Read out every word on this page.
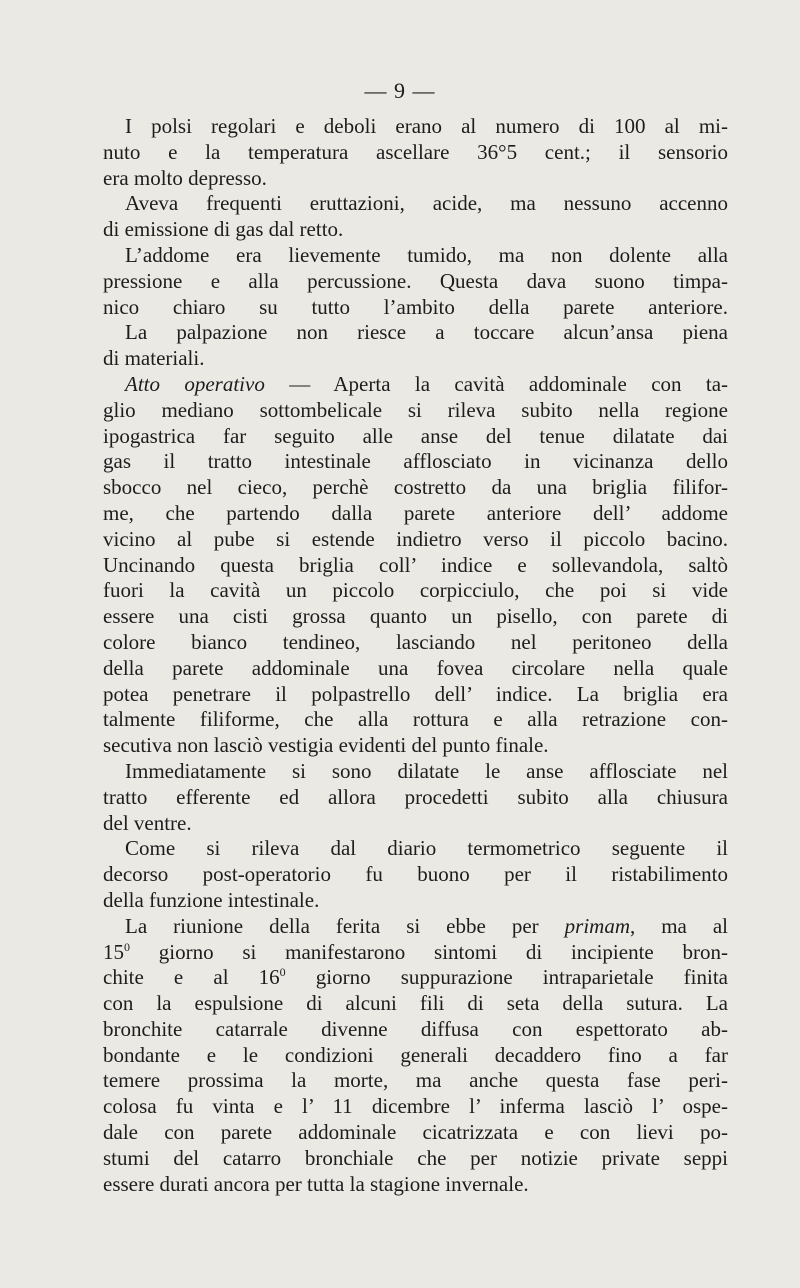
— 9 —
I polsi regolari e deboli erano al numero di 100 al mi-
nuto e la temperatura ascellare 36°5 cent.; il sensorio
era molto depresso.
Aveva frequenti eruttazioni, acide, ma nessuno accenno
di emissione di gas dal retto.
L’addome era lievemente tumido, ma non dolente alla
pressione e alla percussione. Questa dava suono timpa-
nico chiaro su tutto l’ambito della parete anteriore.
La palpazione non riesce a toccare alcun’ansa piena
di materiali.
Atto operativo — Aperta la cavità addominale con ta-
glio mediano sottombelicale si rileva subito nella regione
ipogastrica far seguito alle anse del tenue dilatate dai
gas il tratto intestinale afflosciato in vicinanza dello
sbocco nel cieco, perchè costretto da una briglia filifor-
me, che partendo dalla parete anteriore dell’ addome
vicino al pube si estende indietro verso il piccolo bacino.
Uncinando questa briglia coll’ indice e sollevandola, saltò
fuori la cavità un piccolo corpicciulo, che poi si vide
essere una cisti grossa quanto un pisello, con parete di
colore bianco tendineo, lasciando nel peritoneo della
della parete addominale una fovea circolare nella quale
potea penetrare il polpastrello dell’ indice. La briglia era
talmente filiforme, che alla rottura e alla retrazione con-
secutiva non lasciò vestigia evidenti del punto finale.
Immediatamente si sono dilatate le anse afflosciate nel
tratto efferente ed allora procedetti subito alla chiusura
del ventre.
Come si rileva dal diario termometrico seguente il
decorso post-operatorio fu buono per il ristabilimento
della funzione intestinale.
La riunione della ferita si ebbe per primam, ma al
$15^0$ giorno si manifestarono sintomi di incipiente bron-
chite e al $16^0$ giorno suppurazione intraparietale finita
con la espulsione di alcuni fili di seta della sutura. La
bronchite catarrale divenne diffusa con espettorato ab-
bondante e le condizioni generali decaddero fino a far
temere prossima la morte, ma anche questa fase peri-
colosa fu vinta e l’ 11 dicembre l’ inferma lasciò l’ ospe-
dale con parete addominale cicatrizzata e con lievi po-
stumi del catarro bronchiale che per notizie private seppi
essere durati ancora per tutta la stagione invernale.
